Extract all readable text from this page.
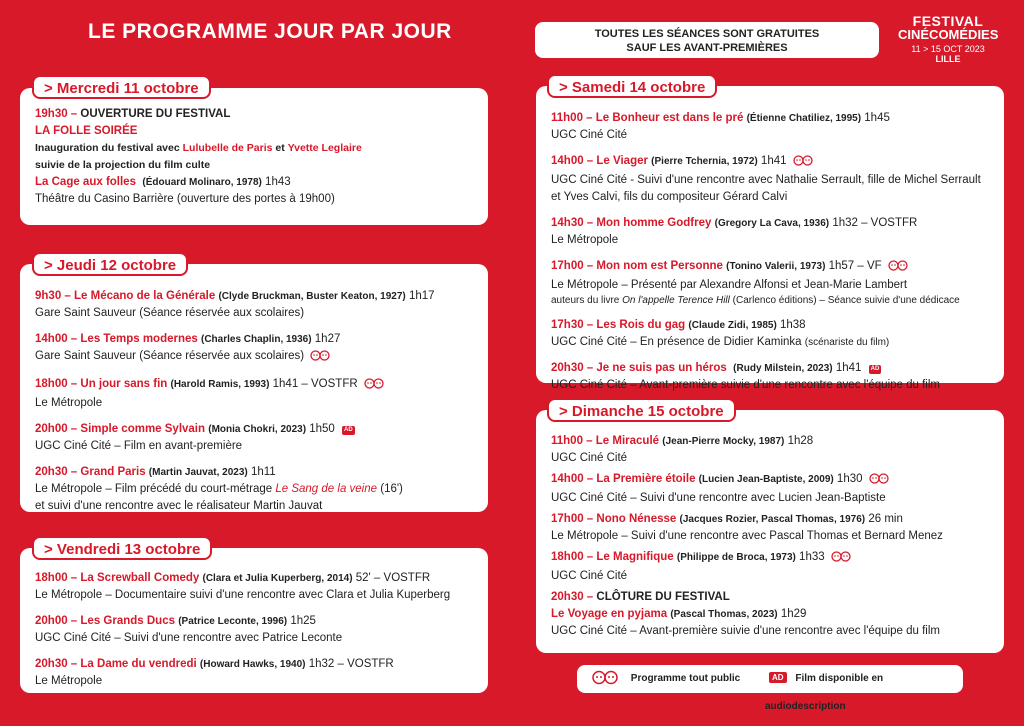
LE PROGRAMME JOUR PAR JOUR	TOUTES LES SÉANCES SONT GRATUITES
SAUF LES AVANT-PREMIÈRES
FESTIVAL
CINÉCOMÉDIES
11 > 15 OCT 2023
LILLE
19h30 – OUVERTURE DU FESTIVAL
LA FOLLE SOIRÉE
Inauguration du festival avec Lulubelle de Paris et Yvette Leglaire
suivie de la projection du film culte
La Cage aux folles (Édouard Molinaro, 1978) 1h43
Théâtre du Casino Barrière (ouverture des portes à 19h00)
> Mercredi 11 octobre
9h30 – Le Mécano de la Générale (Clyde Bruckman, Buster Keaton, 1927) 1h17
Gare Saint Sauveur (Séance réservée aux scolaires)
14h00 – Les Temps modernes (Charles Chaplin, 1936) 1h27
Gare Saint Sauveur (Séance réservée aux scolaires)
18h00 – Un jour sans fin (Harold Ramis, 1993) 1h41 – VOSTFR
Le Métropole
20h00 – Simple comme Sylvain (Monia Chokri, 2023) 1h50 AD
UGC Ciné Cité – Film en avant-première
20h30 – Grand Paris (Martin Jauvat, 2023) 1h11
Le Métropole – Film précédé du court-métrage Le Sang de la veine (16')
et suivi d'une rencontre avec le réalisateur Martin Jauvat
> Jeudi 12 octobre
18h00 – La Screwball Comedy (Clara et Julia Kuperberg, 2014) 52' – VOSTFR
Le Métropole – Documentaire suivi d'une rencontre avec Clara et Julia Kuperberg
20h00 – Les Grands Ducs (Patrice Leconte, 1996) 1h25
UGC Ciné Cité – Suivi d'une rencontre avec Patrice Leconte
20h30 – La Dame du vendredi (Howard Hawks, 1940) 1h32 – VOSTFR
Le Métropole
> Vendredi 13 octobre
11h00 – Le Bonheur est dans le pré (Étienne Chatiliez, 1995) 1h45
UGC Ciné Cité
14h00 – Le Viager (Pierre Tchernia, 1972) 1h41
UGC Ciné Cité - Suivi d'une rencontre avec Nathalie Serrault, fille de Michel Serrault
et Yves Calvi, fils du compositeur Gérard Calvi
14h30 – Mon homme Godfrey (Gregory La Cava, 1936) 1h32 – VOSTFR
Le Métropole
17h00 – Mon nom est Personne (Tonino Valerii, 1973) 1h57 – VF
Le Métropole – Présenté par Alexandre Alfonsi et Jean-Marie Lambert
auteurs du livre On l'appelle Terence Hill (Carlenco éditions) – Séance suivie d'une dédicace
17h30 – Les Rois du gag (Claude Zidi, 1985) 1h38
UGC Ciné Cité – En présence de Didier Kaminka (scénariste du film)
20h30 – Je ne suis pas un héros (Rudy Milstein, 2023) 1h41 AD
UGC Ciné Cité – Avant-première suivie d'une rencontre avec l'équipe du film
> Samedi 14 octobre
11h00 – Le Miraculé (Jean-Pierre Mocky, 1987) 1h28
UGC Ciné Cité
14h00 – La Première étoile (Lucien Jean-Baptiste, 2009) 1h30
UGC Ciné Cité – Suivi d'une rencontre avec Lucien Jean-Baptiste
17h00 – Nono Nénesse (Jacques Rozier, Pascal Thomas, 1976) 26 min
Le Métropole – Suivi d'une rencontre avec Pascal Thomas et Bernard Menez
18h00 – Le Magnifique (Philippe de Broca, 1973) 1h33
UGC Ciné Cité
20h30 – CLÔTURE DU FESTIVAL
Le Voyage en pyjama (Pascal Thomas, 2023) 1h29
UGC Ciné Cité – Avant-première suivie d'une rencontre avec l'équipe du film
> Dimanche 15 octobre
Programme tout public	AD Film disponible en audiodescription
